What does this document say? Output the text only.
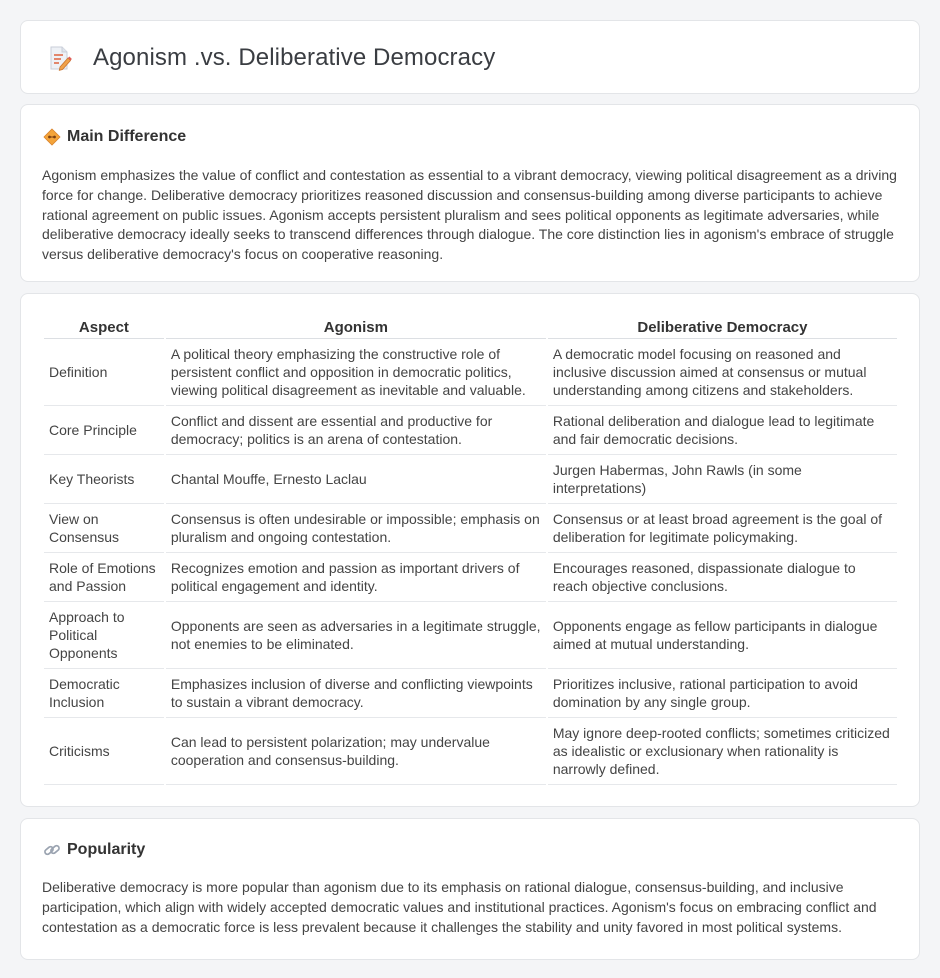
Agonism .vs. Deliberative Democracy
Main Difference

Agonism emphasizes the value of conflict and contestation as essential to a vibrant democracy, viewing political disagreement as a driving force for change. Deliberative democracy prioritizes reasoned discussion and consensus-building among diverse participants to achieve rational agreement on public issues. Agonism accepts persistent pluralism and sees political opponents as legitimate adversaries, while deliberative democracy ideally seeks to transcend differences through dialogue. The core distinction lies in agonism's embrace of struggle versus deliberative democracy's focus on cooperative reasoning.

Aspect	Agonism	Deliberative Democracy
Definition	A political theory emphasizing the constructive role of persistent conflict and opposition in democratic politics, viewing political disagreement as inevitable and valuable.	A democratic model focusing on reasoned and inclusive discussion aimed at consensus or mutual understanding among citizens and stakeholders.
Core Principle	Conflict and dissent are essential and productive for democracy; politics is an arena of contestation.	Rational deliberation and dialogue lead to legitimate and fair democratic decisions.
Key Theorists	Chantal Mouffe, Ernesto Laclau	Jurgen Habermas, John Rawls (in some interpretations)
View on Consensus	Consensus is often undesirable or impossible; emphasis on pluralism and ongoing contestation.	Consensus or at least broad agreement is the goal of deliberation for legitimate policymaking.
Role of Emotions and Passion	Recognizes emotion and passion as important drivers of political engagement and identity.	Encourages reasoned, dispassionate dialogue to reach objective conclusions.
Approach to Political Opponents	Opponents are seen as adversaries in a legitimate struggle, not enemies to be eliminated.	Opponents engage as fellow participants in dialogue aimed at mutual understanding.
Democratic Inclusion	Emphasizes inclusion of diverse and conflicting viewpoints to sustain a vibrant democracy.	Prioritizes inclusive, rational participation to avoid domination by any single group.
Criticisms	Can lead to persistent polarization; may undervalue cooperation and consensus-building.	May ignore deep-rooted conflicts; sometimes criticized as idealistic or exclusionary when rationality is narrowly defined.
Popularity

Deliberative democracy is more popular than agonism due to its emphasis on rational dialogue, consensus-building, and inclusive participation, which align with widely accepted democratic values and institutional practices. Agonism's focus on embracing conflict and contestation as a democratic force is less prevalent because it challenges the stability and unity favored in most political systems.
